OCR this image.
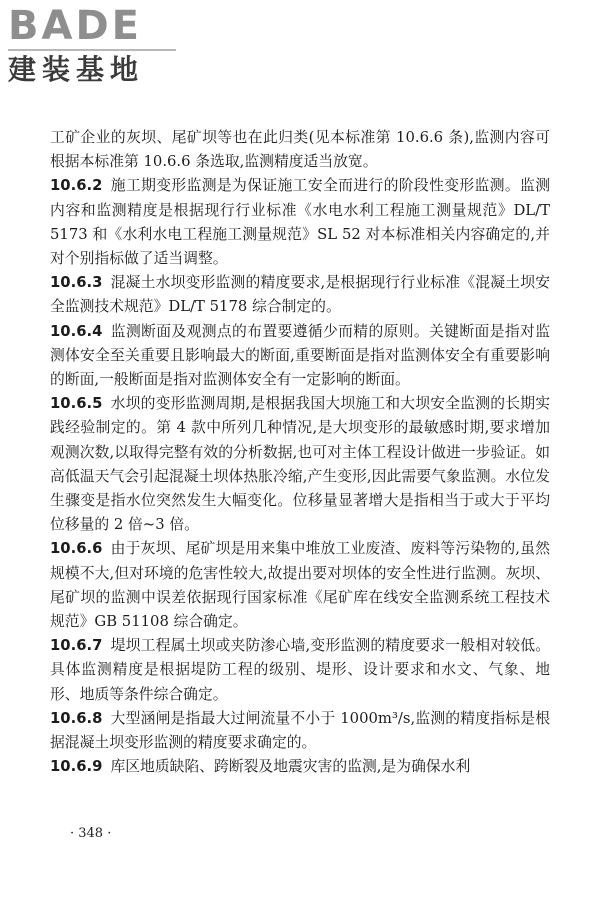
BADE
建装基地

工矿企业的灰坝、尾矿坝等也在此归类(见本标准第 10.6.6 条),监测内容可根据本标准第 10.6.6 条选取,监测精度适当放宽。

10.6.2 施工期变形监测是为保证施工安全而进行的阶段性变形监测。监测内容和监测精度是根据现行行业标准《水电水利工程施工测量规范》DL/T 5173 和《水利水电工程施工测量规范》SL 52 对本标准相关内容确定的,并对个别指标做了适当调整。

10.6.3 混凝土水坝变形监测的精度要求,是根据现行行业标准《混凝土坝安全监测技术规范》DL/T 5178 综合制定的。

10.6.4 监测断面及观测点的布置要遵循少而精的原则。关键断面是指对监测体安全至关重要且影响最大的断面,重要断面是指对监测体安全有重要影响的断面,一般断面是指对监测体安全有一定影响的断面。

10.6.5 水坝的变形监测周期,是根据我国大坝施工和大坝安全监测的长期实践经验制定的。第 4 款中所列几种情况,是大坝变形的最敏感时期,要求增加观测次数,以取得完整有效的分析数据,也可对主体工程设计做进一步验证。如高低温天气会引起混凝土坝体热胀冷缩,产生变形,因此需要气象监测。水位发生骤变是指水位突然发生大幅变化。位移量显著增大是指相当于或大于平均位移量的 2 倍~3 倍。

10.6.6 由于灰坝、尾矿坝是用来集中堆放工业废渣、废料等污染物的,虽然规模不大,但对环境的危害性较大,故提出要对坝体的安全性进行监测。灰坝、尾矿坝的监测中误差依据现行国家标准《尾矿库在线安全监测系统工程技术规范》GB 51108 综合确定。

10.6.7 堤坝工程属土坝或夹防渗心墙,变形监测的精度要求一般相对较低。具体监测精度是根据堤防工程的级别、堤形、设计要求和水文、气象、地形、地质等条件综合确定。

10.6.8 大型涵闸是指最大过闸流量不小于 1000m³/s,监测的精度指标是根据混凝土坝变形监测的精度要求确定的。

10.6.9 库区地质缺陷、跨断裂及地震灾害的监测,是为确保水利

· 348 ·
